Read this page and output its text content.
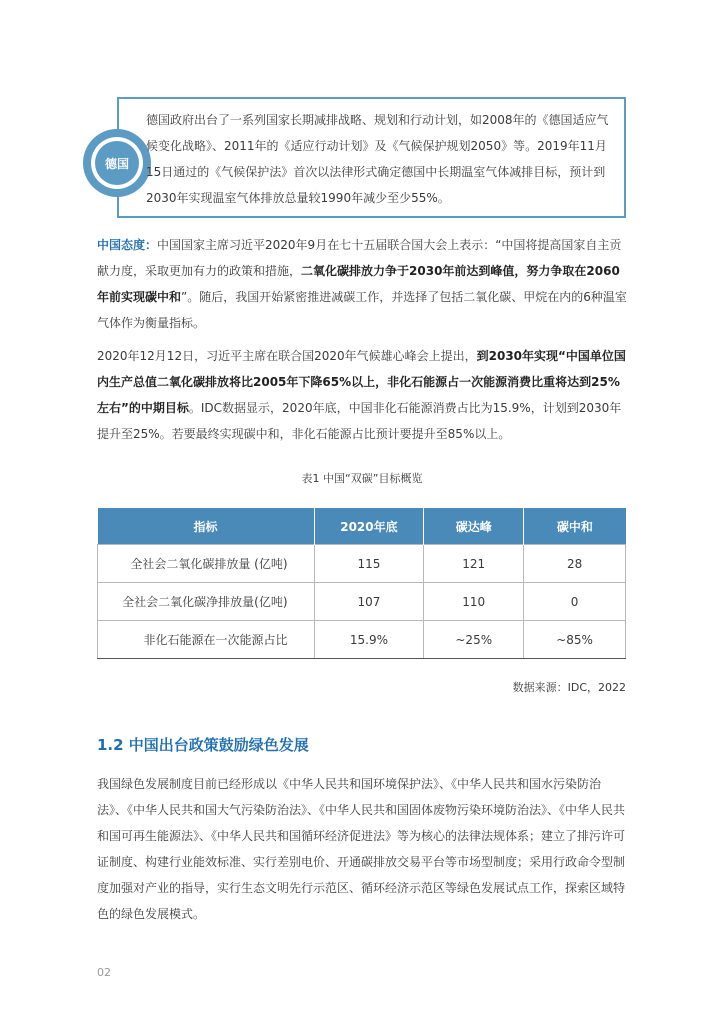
德国
德国政府出台了一系列国家长期减排战略、规划和行动计划，如2008年的《德国适应气候变化战略》、2011年的《适应行动计划》及《气候保护规划2050》等。2019年11月15日通过的《气候保护法》首次以法律形式确定德国中长期温室气体减排目标，预计到2030年实现温室气体排放总量较1990年减少至少55%。

中国态度：中国国家主席习近平2020年9月在七十五届联合国大会上表示：“中国将提高国家自主贡献力度，采取更加有力的政策和措施，二氧化碳排放力争于2030年前达到峰值，努力争取在2060年前实现碳中和”。随后，我国开始紧密推进减碳工作，并选择了包括二氧化碳、甲烷在内的6种温室气体作为衡量指标。

2020年12月12日，习近平主席在联合国2020年气候雄心峰会上提出，到2030年实现“中国单位国内生产总值二氧化碳排放将比2005年下降65%以上，非化石能源占一次能源消费比重将达到25%左右”的中期目标。IDC数据显示，2020年底，中国非化石能源消费占比为15.9%，计划到2030年提升至25%。若要最终实现碳中和，非化石能源占比预计要提升至85%以上。

表1 中国“双碳”目标概览
指标	2020年底	碳达峰	碳中和
全社会二氧化碳排放量 (亿吨)	115	121	28
全社会二氧化碳净排放量(亿吨)	107	110	0
非化石能源在一次能源占比	15.9%	~25%	~85%
数据来源：IDC，2022
1.2 中国出台政策鼓励绿色发展

我国绿色发展制度目前已经形成以《中华人民共和国环境保护法》、《中华人民共和国水污染防治法》、《中华人民共和国大气污染防治法》、《中华人民共和国固体废物污染环境防治法》、《中华人民共和国可再生能源法》、《中华人民共和国循环经济促进法》等为核心的法律法规体系；建立了排污许可证制度、构建行业能效标准、实行差别电价、开通碳排放交易平台等市场型制度；采用行政命令型制度加强对产业的指导，实行生态文明先行示范区、循环经济示范区等绿色发展试点工作，探索区域特色的绿色发展模式。

02
